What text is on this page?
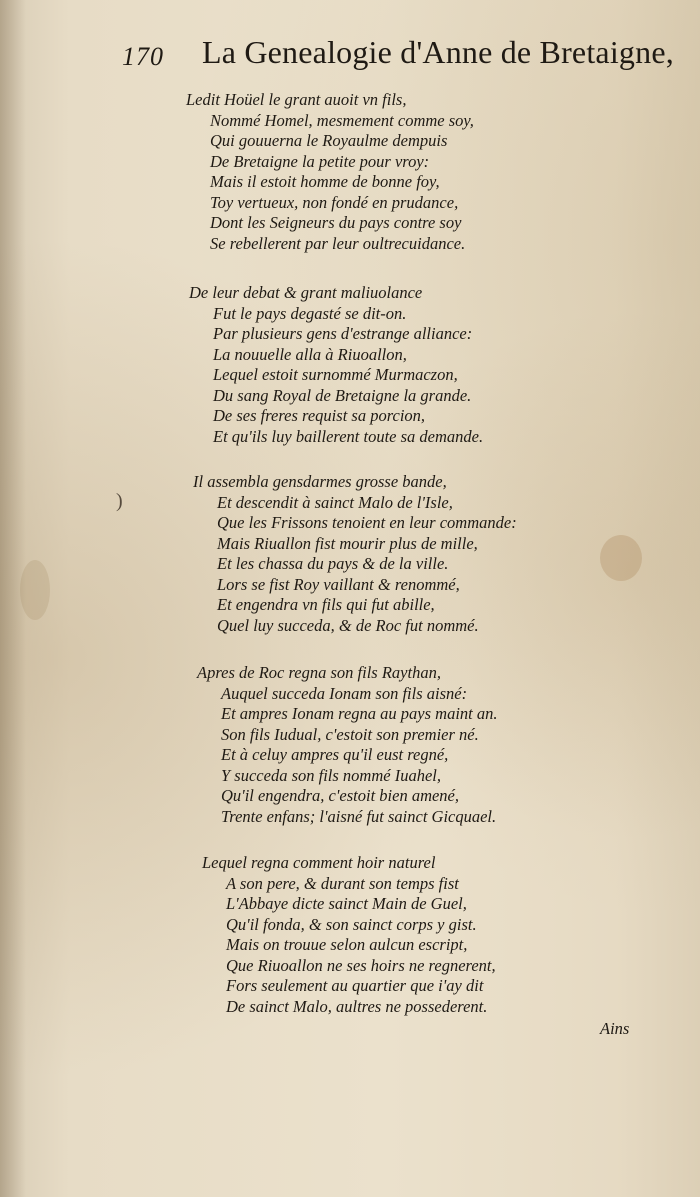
170 La Genealogie d'Anne de Bretaigne,
)
Ledit Hoüel le grant auoit vn fils,
Nommé Homel, mesmement comme soy,
Qui gouuerna le Royaulme dempuis
De Bretaigne la petite pour vroy:
Mais il estoit homme de bonne foy,
Toy vertueux, non fondé en prudance,
Dont les Seigneurs du pays contre soy
Se rebellerent par leur oultrecuidance.
De leur debat & grant maliuolance
Fut le pays degasté se dit-on.
Par plusieurs gens d'estrange alliance:
La nouuelle alla à Riuoallon,
Lequel estoit surnommé Murmaczon,
Du sang Royal de Bretaigne la grande.
De ses freres requist sa porcion,
Et qu'ils luy baillerent toute sa demande.
Il assembla gensdarmes grosse bande,
Et descendit à sainct Malo de l'Isle,
Que les Frissons tenoient en leur commande:
Mais Riuallon fist mourir plus de mille,
Et les chassa du pays & de la ville.
Lors se fist Roy vaillant & renommé,
Et engendra vn fils qui fut abille,
Quel luy succeda, & de Roc fut nommé.
Apres de Roc regna son fils Raythan,
Auquel succeda Ionam son fils aisné:
Et ampres Ionam regna au pays maint an.
Son fils Iudual, c'estoit son premier né.
Et à celuy ampres qu'il eust regné,
Y succeda son fils nommé Iuahel,
Qu'il engendra, c'estoit bien amené,
Trente enfans; l'aisné fut sainct Gicquael.
Lequel regna comment hoir naturel
A son pere, & durant son temps fist
L'Abbaye dicte sainct Main de Guel,
Qu'il fonda, & son sainct corps y gist.
Mais on trouue selon aulcun escript,
Que Riuoallon ne ses hoirs ne regnerent,
Fors seulement au quartier que i'ay dit
De sainct Malo, aultres ne possederent.
Ains
